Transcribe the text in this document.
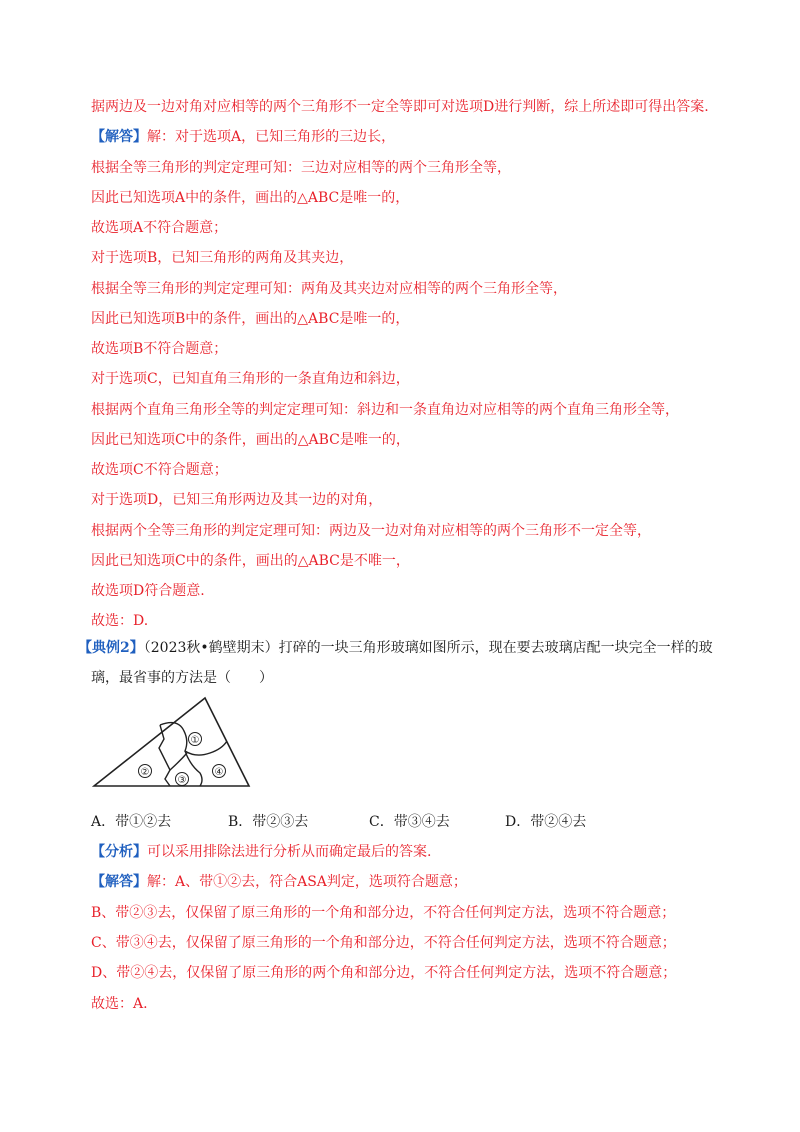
据两边及一边对角对应相等的两个三角形不一定全等即可对选项D进行判断，综上所述即可得出答案.
【解答】解：对于选项A，已知三角形的三边长，
根据全等三角形的判定定理可知：三边对应相等的两个三角形全等，
因此已知选项A中的条件，画出的△ABC是唯一的，
故选项A不符合题意；
对于选项B，已知三角形的两角及其夹边，
根据全等三角形的判定定理可知：两角及其夹边对应相等的两个三角形全等，
因此已知选项B中的条件，画出的△ABC是唯一的，
故选项B不符合题意；
对于选项C，已知直角三角形的一条直角边和斜边，
根据两个直角三角形全等的判定定理可知：斜边和一条直角边对应相等的两个直角三角形全等，
因此已知选项C中的条件，画出的△ABC是唯一的，
故选项C不符合题意；
对于选项D，已知三角形两边及其一边的对角，
根据两个全等三角形的判定定理可知：两边及一边对角对应相等的两个三角形不一定全等，
因此已知选项C中的条件，画出的△ABC是不唯一，
故选项D符合题意.
故选：D.
【典例2】（2023秋•鹤壁期末）打碎的一块三角形玻璃如图所示，现在要去玻璃店配一块完全一样的玻
璃，最省事的方法是（　　）
①
②
③
④
A．带①②去	B．带②③去	C．带③④去	D．带②④去
【分析】可以采用排除法进行分析从而确定最后的答案.
【解答】解：A、带①②去，符合ASA判定，选项符合题意；
B、带②③去，仅保留了原三角形的一个角和部分边，不符合任何判定方法，选项不符合题意；
C、带③④去，仅保留了原三角形的一个角和部分边，不符合任何判定方法，选项不符合题意；
D、带②④去，仅保留了原三角形的两个角和部分边，不符合任何判定方法，选项不符合题意；
故选：A.
